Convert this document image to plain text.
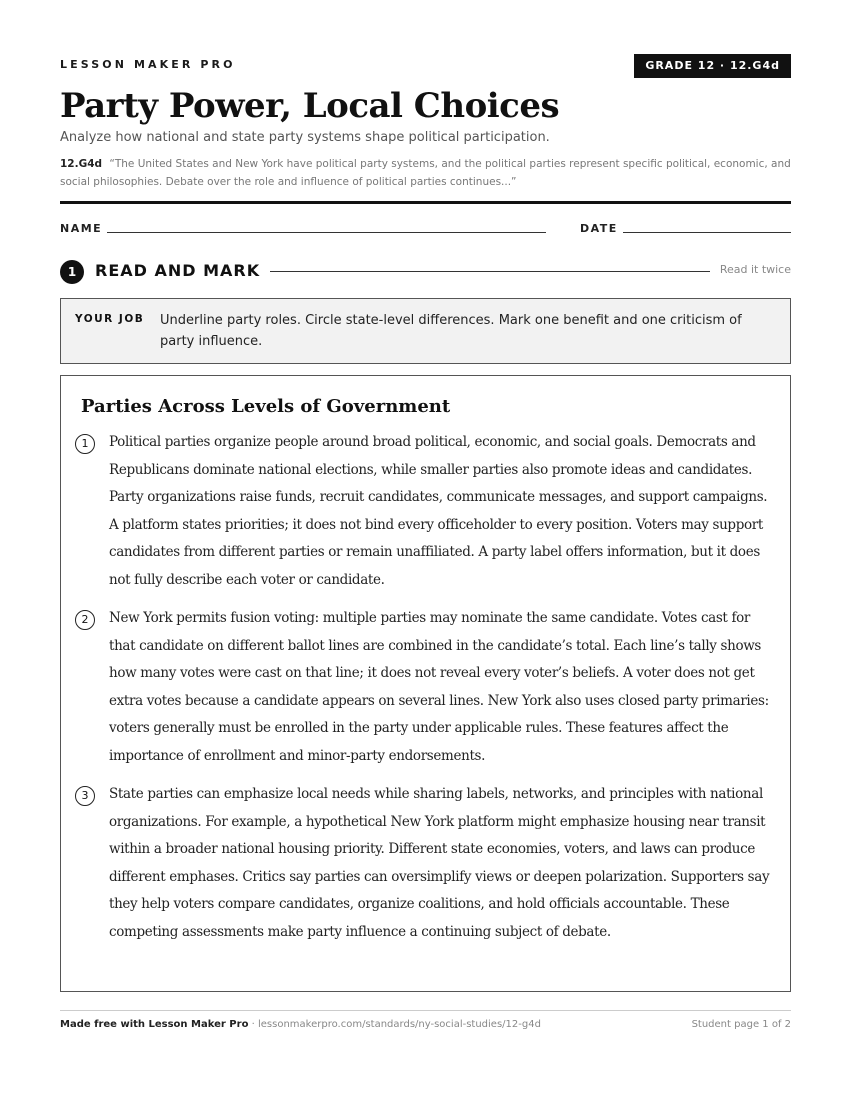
LESSON MAKER PRO	GRADE 12 · 12.G4d
Party Power, Local Choices
Analyze how national and state party systems shape political participation.
12.G4d “The United States and New York have political party systems, and the political parties represent specific political, economic, and social philosophies. Debate over the role and influence of political parties continues...”
NAME	DATE
1	READ AND MARK	Read it twice
YOUR JOB Underline party roles. Circle state-level differences. Mark one benefit and one criticism of party influence.
Parties Across Levels of Government
1	Political parties organize people around broad political, economic, and social goals. Democrats and Republicans dominate national elections, while smaller parties also promote ideas and candidates. Party organizations raise funds, recruit candidates, communicate messages, and support campaigns. A platform states priorities; it does not bind every officeholder to every position. Voters may support candidates from different parties or remain unaffiliated. A party label offers information, but it does not fully describe each voter or candidate.
2	New York permits fusion voting: multiple parties may nominate the same candidate. Votes cast for that candidate on different ballot lines are combined in the candidate’s total. Each line’s tally shows how many votes were cast on that line; it does not reveal every voter’s beliefs. A voter does not get extra votes because a candidate appears on several lines. New York also uses closed party primaries: voters generally must be enrolled in the party under applicable rules. These features affect the importance of enrollment and minor-party endorsements.
3	State parties can emphasize local needs while sharing labels, networks, and principles with national organizations. For example, a hypothetical New York platform might emphasize housing near transit within a broader national housing priority. Different state economies, voters, and laws can produce different emphases. Critics say parties can oversimplify views or deepen polarization. Supporters say they help voters compare candidates, organize coalitions, and hold officials accountable. These competing assessments make party influence a continuing subject of debate.
Made free with Lesson Maker Pro · lessonmakerpro.com/standards/ny-social-studies/12-g4d	Student page 1 of 2
